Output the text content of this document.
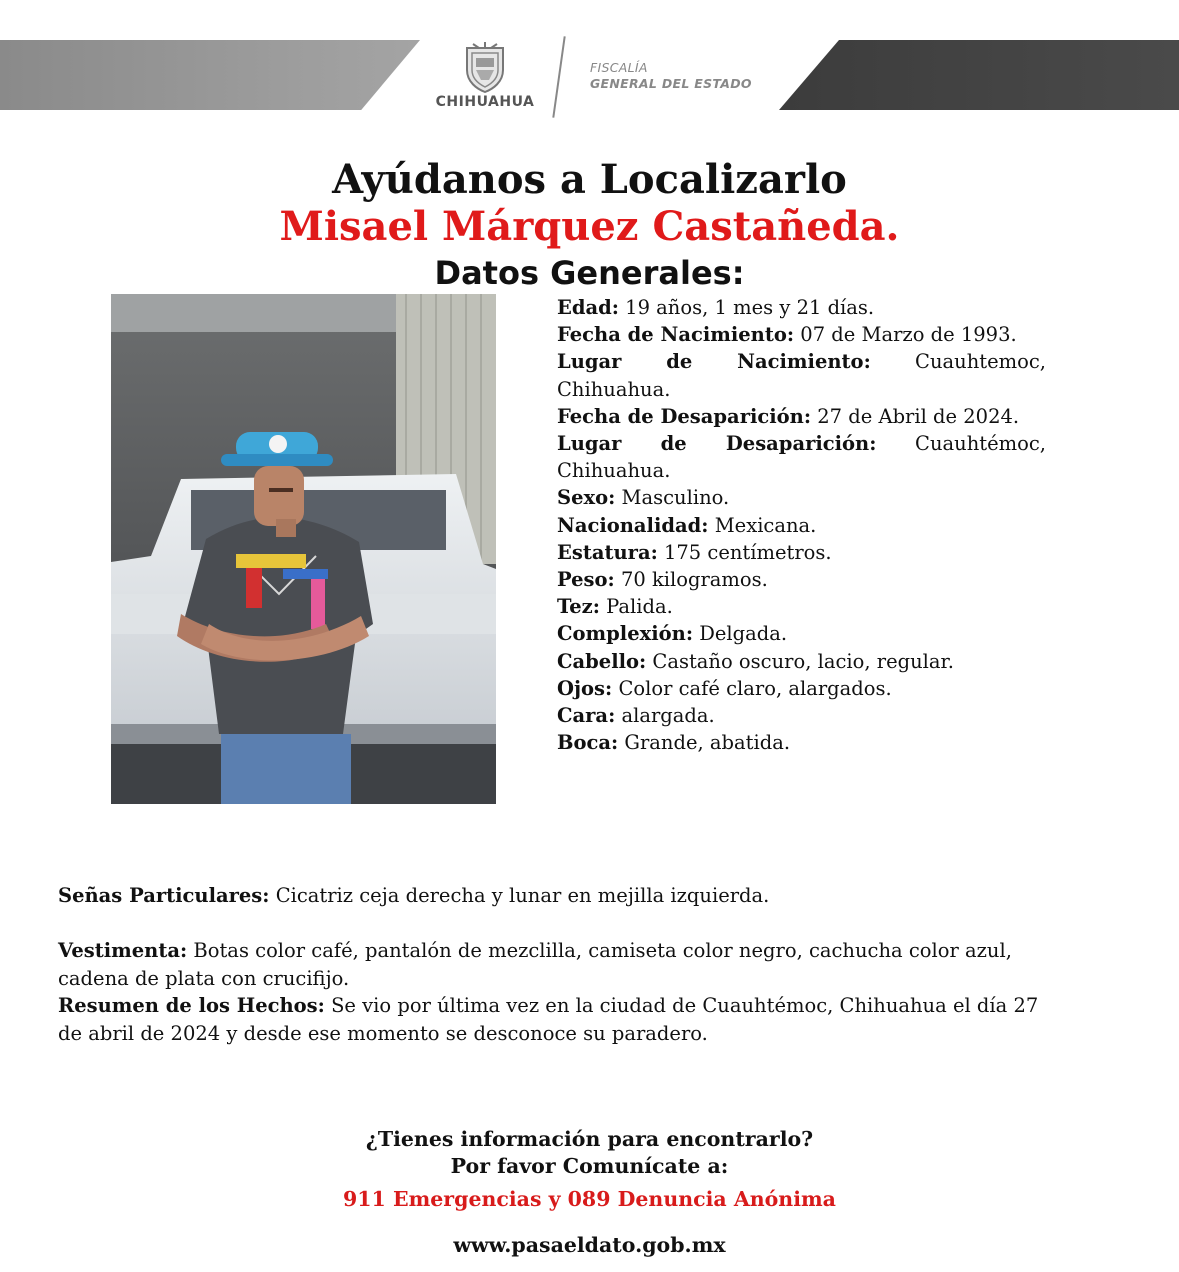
CHIHUAHUA
FISCALÍA
GENERAL DEL ESTADO
Ayúdanos a Localizarlo
Misael Márquez Castañeda.
Datos Generales:
Edad: 19 años, 1 mes y 21 días.
Fecha de Nacimiento: 07 de Marzo de 1993.
Lugar de Nacimiento: Cuauhtemoc, Chihuahua.
Fecha de Desaparición: 27 de Abril de 2024.
Lugar de Desaparición: Cuauhtémoc, Chihuahua.
Sexo: Masculino.
Nacionalidad: Mexicana.
Estatura: 175 centímetros.
Peso: 70 kilogramos.
Tez: Palida.
Complexión: Delgada.
Cabello: Castaño oscuro, lacio, regular.
Ojos: Color café claro, alargados.
Cara: alargada.
Boca: Grande, abatida.
Señas Particulares: Cicatriz ceja derecha y lunar en mejilla izquierda.
Vestimenta: Botas color café, pantalón de mezclilla, camiseta color negro, cachucha color azul, cadena de plata con crucifijo.
Resumen de los Hechos: Se vio por última vez en la ciudad de Cuauhtémoc, Chihuahua el día 27 de abril de 2024 y desde ese momento se desconoce su paradero.
¿Tienes información para encontrarlo?
Por favor Comunícate a:
911 Emergencias y 089 Denuncia Anónima
www.pasaeldato.gob.mx
